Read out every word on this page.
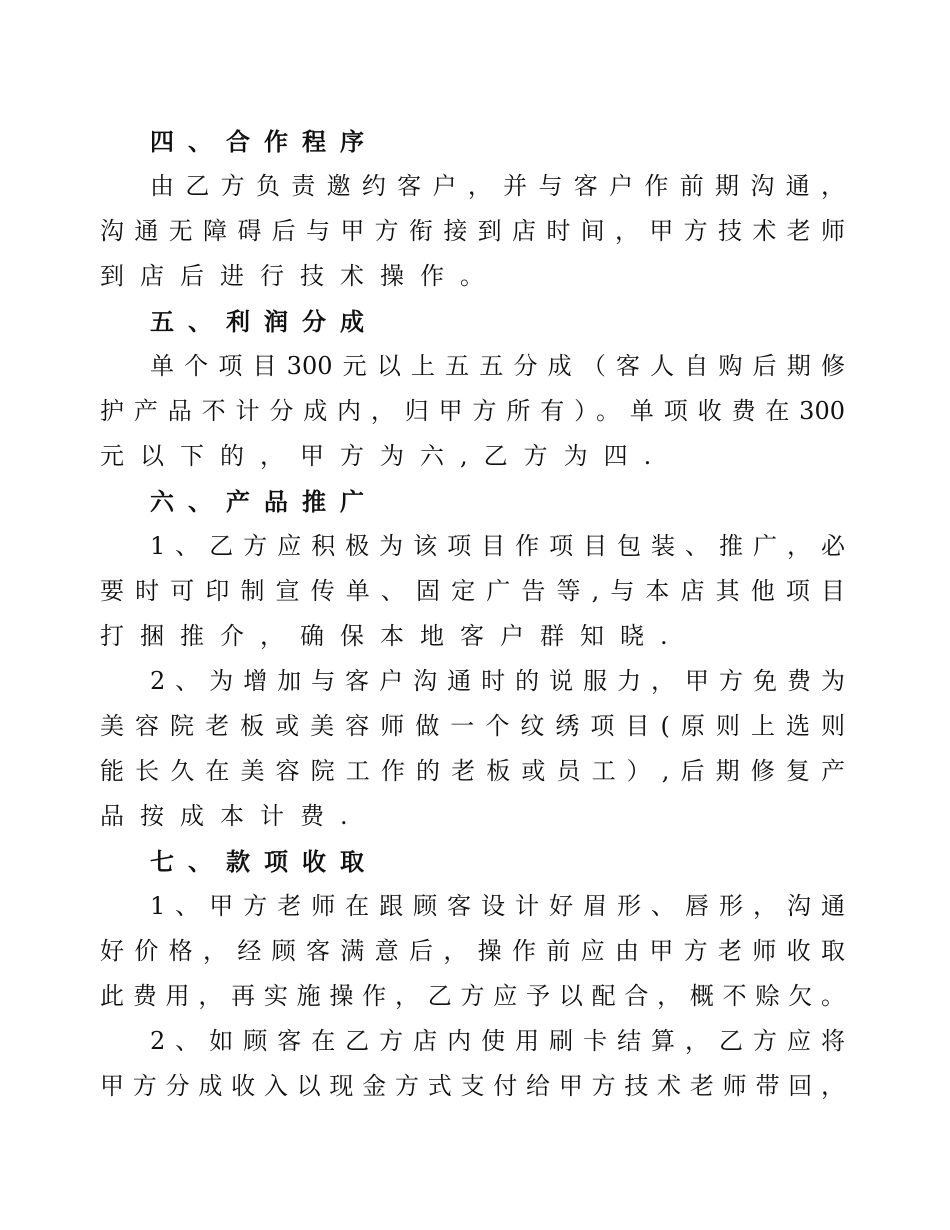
四、合作程序
由乙方负责邀约客户，并与客户作前期沟通，
沟通无障碍后与甲方衔接到店时间，甲方技术老师
到店后进行技术操作。
五、利润分成
单个项目300元以上五五分成（客人自购后期修
护产品不计分成内，归甲方所有）。单项收费在300
元以下的，甲方为六,乙方为四.
六、产品推广
1、乙方应积极为该项目作项目包装、推广，必
要时可印制宣传单、固定广告等,与本店其他项目
打捆推介，确保本地客户群知晓.
2、为增加与客户沟通时的说服力，甲方免费为
美容院老板或美容师做一个纹绣项目(原则上选则
能长久在美容院工作的老板或员工）,后期修复产
品按成本计费.
七、款项收取
1、甲方老师在跟顾客设计好眉形、唇形，沟通
好价格，经顾客满意后，操作前应由甲方老师收取
此费用，再实施操作，乙方应予以配合，概不赊欠。
2、如顾客在乙方店内使用刷卡结算，乙方应将
甲方分成收入以现金方式支付给甲方技术老师带回，
